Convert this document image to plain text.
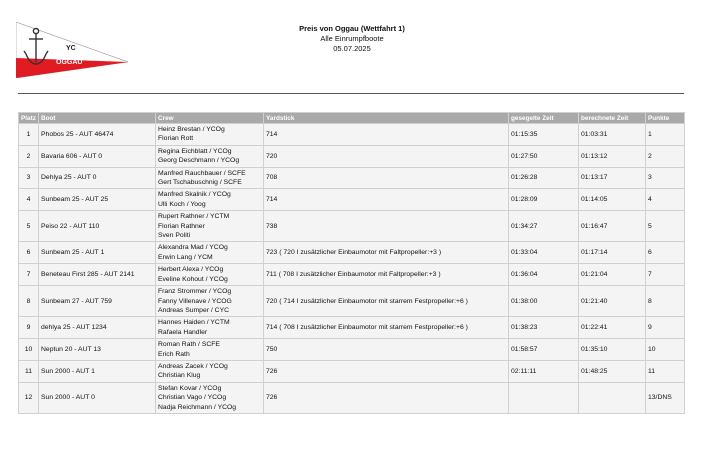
YC
OGGAU
Preis von Oggau (Wettfahrt 1)
Alle Einrumpfboote
05.07.2025
Platz	Boot	Crew	Yardstick	gesegelte Zeit	berechnete Zeit	Punkte
1	Phobos 25 - AUT 46474	Heinz Brestan / YCOg
Florian Rott	714	01:15:35	01:03:31	1
2	Bavaria 606 - AUT 0	Regina Eichblatt / YCOg
Georg Deschmann / YCOg	720	01:27:50	01:13:12	2
3	Dehlya 25 - AUT 0	Manfred Rauchbauer / SCFE
Gert Tschabuschnig / SCFE	708	01:26:28	01:13:17	3
4	Sunbeam 25 - AUT 25	Manfred Skalnik / YCOg
Ulli Koch / Yoog	714	01:28:09	01:14:05	4
5	Peiso 22 - AUT 110	Rupert Rathner / YCTM
Florian Rathner
Sven Politi	738	01:34:27	01:16:47	5
6	Sunbeam 25 - AUT 1	Alexandra Mad / YCOg
Erwin Lang / YCM	723 ( 720 I zusätzlicher Einbaumotor mit Faltpropeller:+3 )	01:33:04	01:17:14	6
7	Beneteau First 285 - AUT 2141	Herbert Alexa / YCOg
Eveline Kohout / YCOg	711 ( 708 I zusätzlicher Einbaumotor mit Faltpropeller:+3 )	01:36:04	01:21:04	7
8	Sunbeam 27 - AUT 759	Franz Strommer / YCOg
Fanny Villenave / YCOG
Andreas Sumper / CYC	720 ( 714 I zusätzlicher Einbaumotor mit starrem Festpropeller:+6 )	01:38:00	01:21:40	8
9	dehlya 25 - AUT 1234	Hannes Haiden / YCTM
Rafaela Handler	714 ( 708 I zusätzlicher Einbaumotor mit starrem Festpropeller:+6 )	01:38:23	01:22:41	9
10	Neptun 20 - AUT 13	Roman Rath / SCFE
Erich Rath	750	01:58:57	01:35:10	10
11	Sun 2000 - AUT 1	Andreas Zacek / YCOg
Christian Klug	726	02:11:11	01:48:25	11
12	Sun 2000 - AUT 0	Stefan Kovar / YCOg
Christian Vago / YCOg
Nadja Reichmann / YCOg	726			13/DNS
